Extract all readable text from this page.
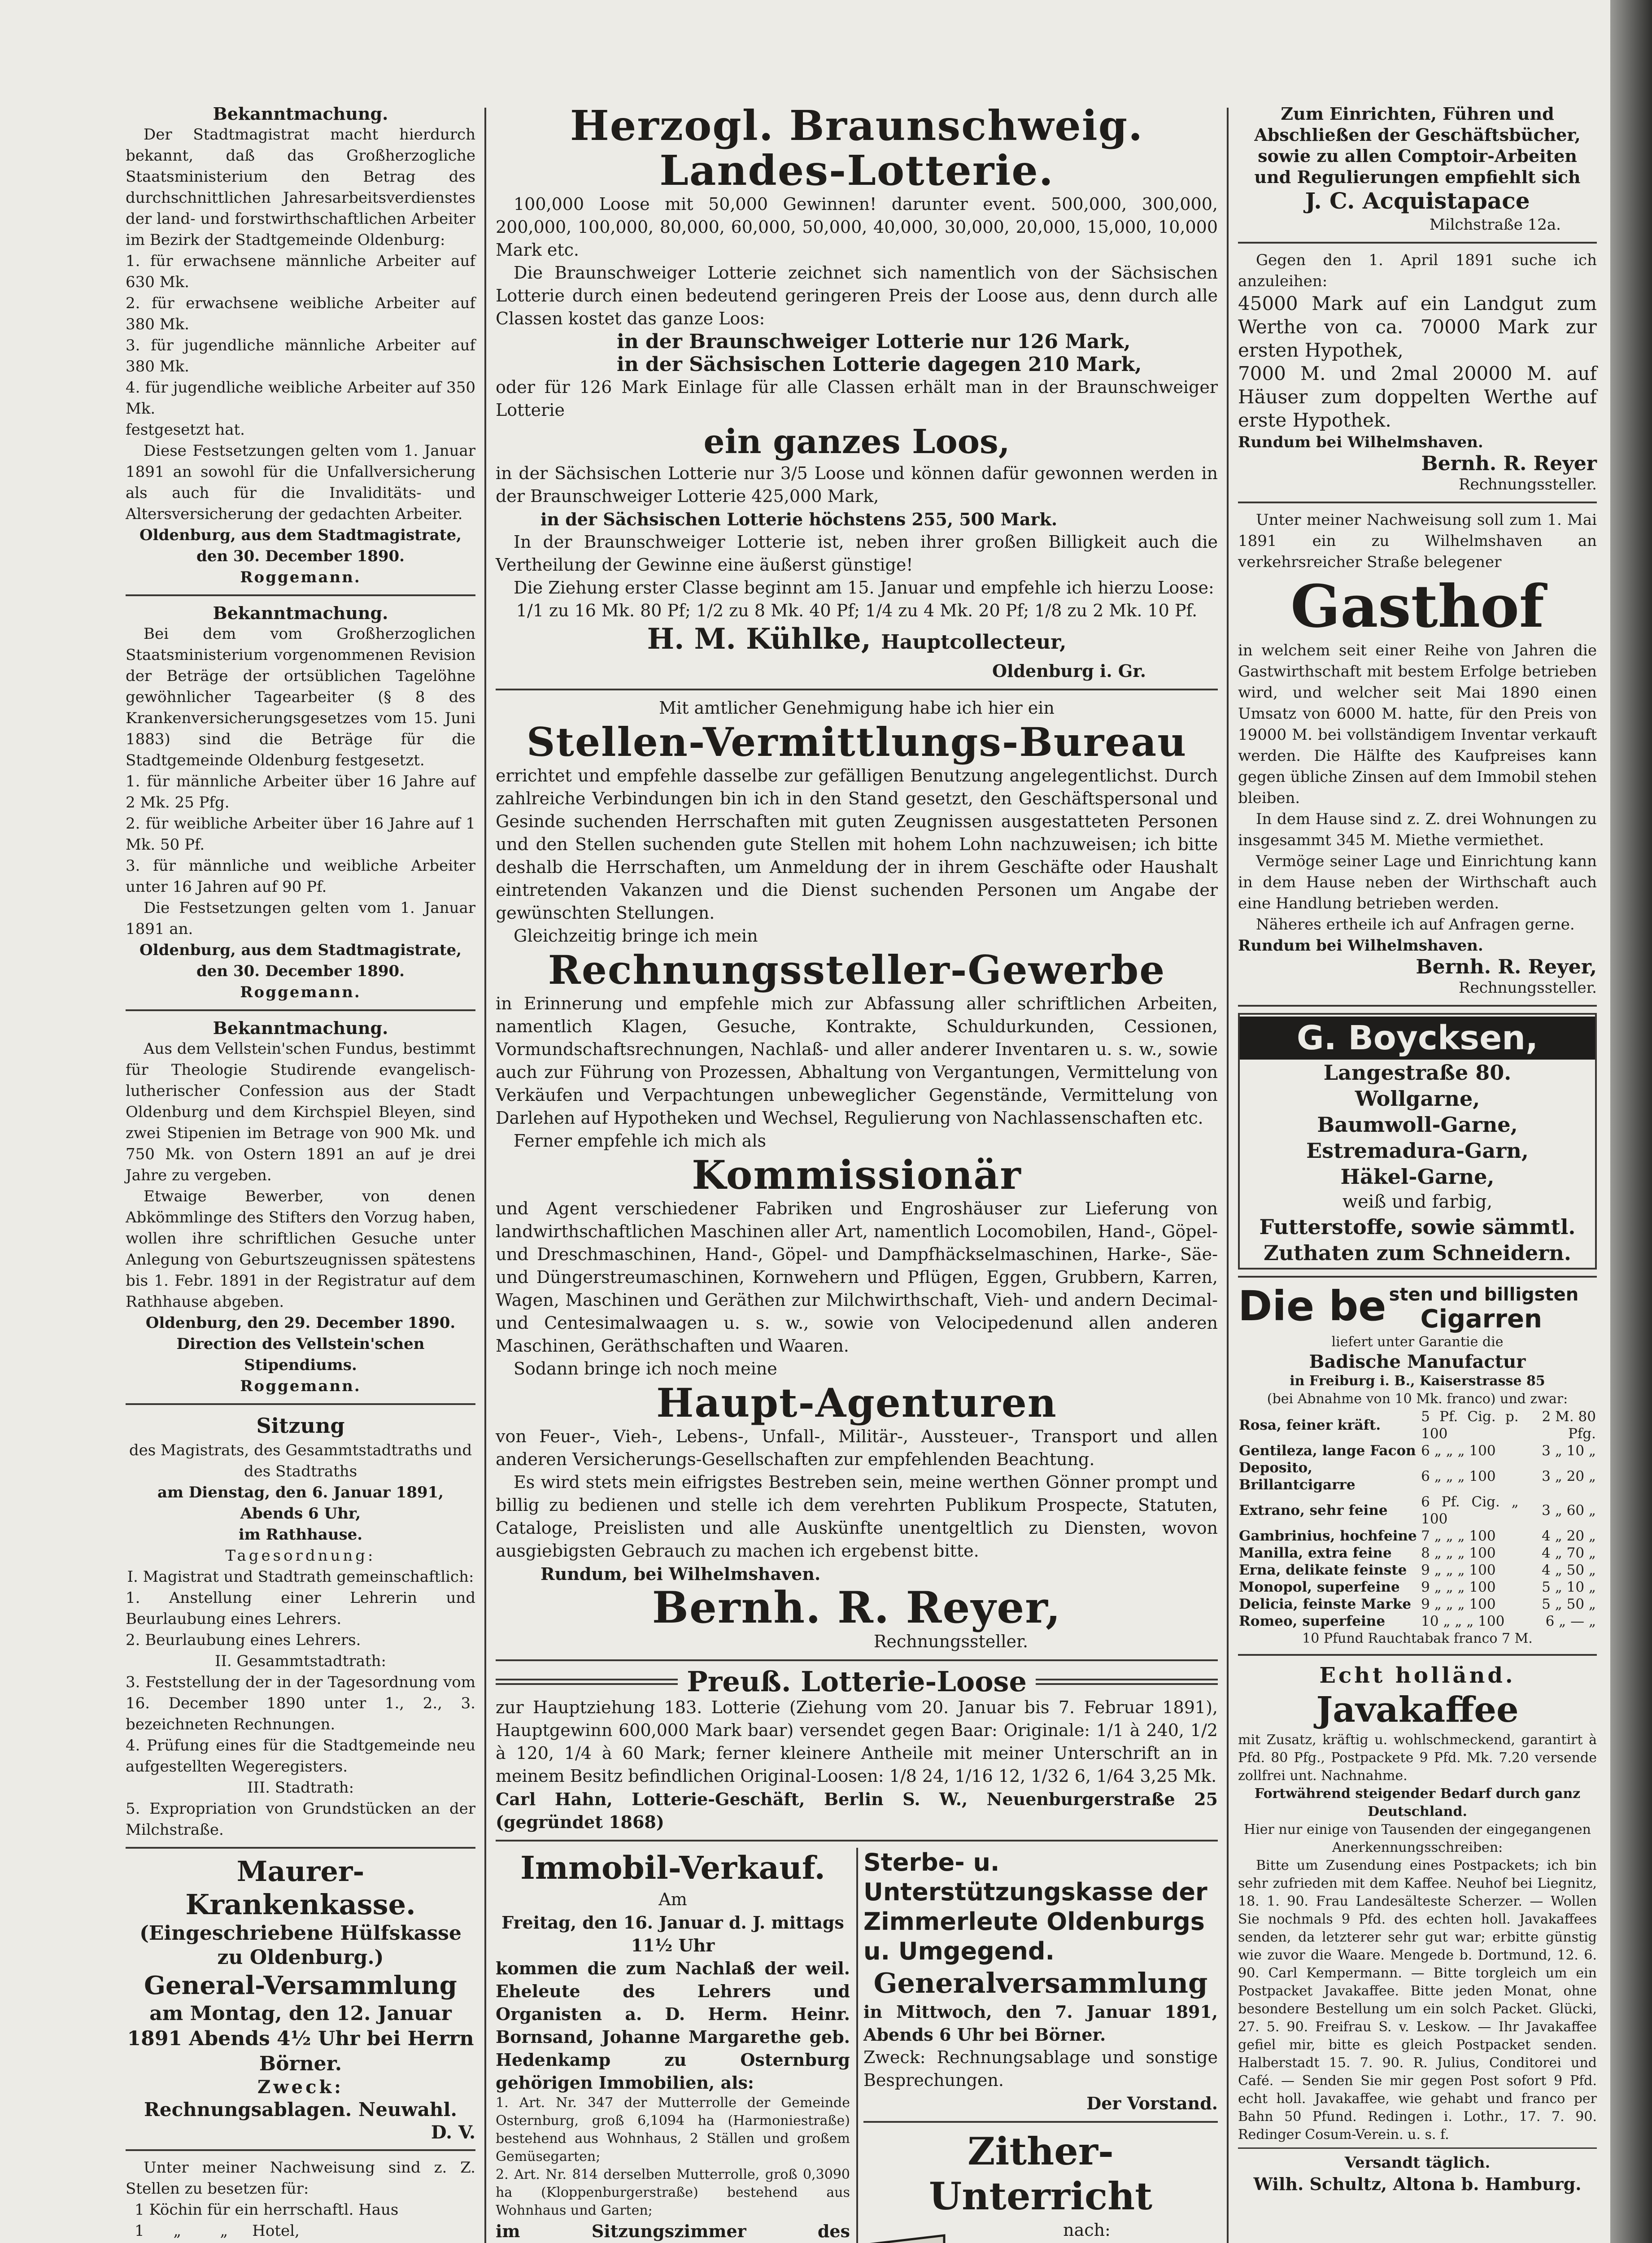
Bekanntmachung.

Der Stadtmagistrat macht hierdurch bekannt, daß das Großherzogliche Staatsministerium den Betrag des durchschnittlichen Jahresarbeitsverdienstes der land- und forstwirthschaftlichen Arbeiter im Bezirk der Stadtgemeinde Oldenburg:

1. für erwachsene männliche Arbeiter auf 630 Mk.

2. für erwachsene weibliche Arbeiter auf 380 Mk.

3. für jugendliche männliche Arbeiter auf 380 Mk.

4. für jugendliche weibliche Arbeiter auf 350 Mk.

festgesetzt hat.

Diese Festsetzungen gelten vom 1. Januar 1891 an sowohl für die Unfallversicherung als auch für die Invaliditäts- und Altersversicherung der gedachten Arbeiter.

Oldenburg, aus dem Stadtmagistrate, den 30. December 1890.

Roggemann.

Bekanntmachung.

Bei dem vom Großherzoglichen Staatsministerium vorgenommenen Revision der Beträge der ortsüblichen Tagelöhne gewöhnlicher Tagearbeiter (§ 8 des Krankenversicherungsgesetzes vom 15. Juni 1883) sind die Beträge für die Stadtgemeinde Oldenburg festgesetzt.

1. für männliche Arbeiter über 16 Jahre auf 2 Mk. 25 Pfg.

2. für weibliche Arbeiter über 16 Jahre auf 1 Mk. 50 Pf.

3. für männliche und weibliche Arbeiter unter 16 Jahren auf 90 Pf.

Die Festsetzungen gelten vom 1. Januar 1891 an.

Oldenburg, aus dem Stadtmagistrate, den 30. December 1890.

Roggemann.

Bekanntmachung.

Aus dem Vellstein'schen Fundus, bestimmt für Theologie Studirende evangelisch-lutherischer Confession aus der Stadt Oldenburg und dem Kirchspiel Bleyen, sind zwei Stipenien im Betrage von 900 Mk. und 750 Mk. von Ostern 1891 an auf je drei Jahre zu vergeben.

Etwaige Bewerber, von denen Abkömmlinge des Stifters den Vorzug haben, wollen ihre schriftlichen Gesuche unter Anlegung von Geburtszeugnissen spätestens bis 1. Febr. 1891 in der Registratur auf dem Rathhause abgeben.

Oldenburg, den 29. December 1890.

Direction des Vellstein'schen Stipendiums.

Roggemann.

Sitzung

des Magistrats, des Gesammtstadtraths und des Stadtraths

am Dienstag, den 6. Januar 1891, Abends 6 Uhr,

im Rathhause.

Tagesordnung:

I. Magistrat und Stadtrath gemeinschaftlich:

1. Anstellung einer Lehrerin und Beurlaubung eines Lehrers.

2. Beurlaubung eines Lehrers.

II. Gesammtstadtrath:

3. Feststellung der in der Tagesordnung vom 16. December 1890 unter 1., 2., 3. bezeichneten Rechnungen.

4. Prüfung eines für die Stadtgemeinde neu aufgestellten Wegeregisters.

III. Stadtrath:

5. Expropriation von Grundstücken an der Milchstraße.

Maurer-Krankenkasse.

(Eingeschriebene Hülfskasse zu Oldenburg.)

General-Versammlung

am Montag, den 12. Januar 1891 Abends 4½ Uhr bei Herrn Börner.

Zweck:

Rechnungsablagen. Neuwahl.

D. V.

Unter meiner Nachweisung sind z. Z. Stellen zu besetzen für:

1 Köchin für ein herrschaftl. Haus

1      „        „     Hotel,

Herzogl. Braunschweig. Landes-Lotterie.

100,000 Loose mit 50,000 Gewinnen! darunter event. 500,000, 300,000, 200,000, 100,000, 80,000, 60,000, 50,000, 40,000, 30,000, 20,000, 15,000, 10,000 Mark etc.

Die Braunschweiger Lotterie zeichnet sich namentlich von der Sächsischen Lotterie durch einen bedeutend geringeren Preis der Loose aus, denn durch alle Classen kostet das ganze Loos:

in der Braunschweiger Lotterie nur 126 Mark,

in der Sächsischen Lotterie dagegen 210 Mark,

oder für 126 Mark Einlage für alle Classen erhält man in der Braunschweiger Lotterie

ein ganzes Loos,

in der Sächsischen Lotterie nur 3/5 Loose und können dafür gewonnen werden in der Braunschweiger Lotterie 425,000 Mark,

in der Sächsischen Lotterie höchstens 255, 500 Mark.

In der Braunschweiger Lotterie ist, neben ihrer großen Billigkeit auch die Vertheilung der Gewinne eine äußerst günstige!

Die Ziehung erster Classe beginnt am 15. Januar und empfehle ich hierzu Loose:

1/1 zu 16 Mk. 80 Pf; 1/2 zu 8 Mk. 40 Pf; 1/4 zu 4 Mk. 20 Pf; 1/8 zu 2 Mk. 10 Pf.

H. M. Kühlke, Hauptcollecteur,

Oldenburg i. Gr.

Mit amtlicher Genehmigung habe ich hier ein

Stellen-Vermittlungs-Bureau

errichtet und empfehle dasselbe zur gefälligen Benutzung angelegentlichst. Durch zahlreiche Verbindungen bin ich in den Stand gesetzt, den Geschäftspersonal und Gesinde suchenden Herrschaften mit guten Zeugnissen ausgestatteten Personen und den Stellen suchenden gute Stellen mit hohem Lohn nachzuweisen; ich bitte deshalb die Herrschaften, um Anmeldung der in ihrem Geschäfte oder Haushalt eintretenden Vakanzen und die Dienst suchenden Personen um Angabe der gewünschten Stellungen.

Gleichzeitig bringe ich mein

Rechnungssteller-Gewerbe

in Erinnerung und empfehle mich zur Abfassung aller schriftlichen Arbeiten, namentlich Klagen, Gesuche, Kontrakte, Schuldurkunden, Cessionen, Vormundschaftsrechnungen, Nachlaß- und aller anderer Inventaren u. s. w., sowie auch zur Führung von Prozessen, Abhaltung von Vergantungen, Vermittelung von Verkäufen und Verpachtungen unbeweglicher Gegenstände, Vermittelung von Darlehen auf Hypotheken und Wechsel, Regulierung von Nachlassenschaften etc.

Ferner empfehle ich mich als

Kommissionär

und Agent verschiedener Fabriken und Engroshäuser zur Lieferung von landwirthschaftlichen Maschinen aller Art, namentlich Locomobilen, Hand-, Göpel- und Dreschmaschinen, Hand-, Göpel- und Dampfhäckselmaschinen, Harke-, Säe- und Düngerstreumaschinen, Kornwehern und Pflügen, Eggen, Grubbern, Karren, Wagen, Maschinen und Geräthen zur Milchwirthschaft, Vieh- und andern Decimal- und Centesimalwaagen u. s. w., sowie von Velocipedenund allen anderen Maschinen, Geräthschaften und Waaren.

Sodann bringe ich noch meine

Haupt-Agenturen

von Feuer-, Vieh-, Lebens-, Unfall-, Militär-, Aussteuer-, Transport und allen anderen Versicherungs-Gesellschaften zur empfehlenden Beachtung.

Es wird stets mein eifrigstes Bestreben sein, meine werthen Gönner prompt und billig zu bedienen und stelle ich dem verehrten Publikum Prospecte, Statuten, Cataloge, Preislisten und alle Auskünfte unentgeltlich zu Diensten, wovon ausgiebigsten Gebrauch zu machen ich ergebenst bitte.

Rundum, bei Wilhelmshaven.

Bernh. R. Reyer,

Rechnungssteller.

Preuß. Lotterie-Loose

zur Hauptziehung 183. Lotterie (Ziehung vom 20. Januar bis 7. Februar 1891), Hauptgewinn 600,000 Mark baar) versendet gegen Baar: Originale: 1/1 à 240, 1/2 à 120, 1/4 à 60 Mark; ferner kleinere Antheile mit meiner Unterschrift an in meinem Besitz befindlichen Original-Loosen: 1/8 24, 1/16 12, 1/32 6, 1/64 3,25 Mk.

Carl Hahn, Lotterie-Geschäft, Berlin S. W., Neuenburgerstraße 25 (gegründet 1868)

Immobil-Verkauf.

Am

Freitag, den 16. Januar d. J. mittags 11½ Uhr

kommen die zum Nachlaß der weil. Eheleute des Lehrers und Organisten a. D. Herm. Heinr. Bornsand, Johanne Margarethe geb. Hedenkamp zu Osternburg gehörigen Immobilien, als:

1. Art. Nr. 347 der Mutterrolle der Gemeinde Osternburg, groß 6,1094 ha (Harmoniestraße) bestehend aus Wohnhaus, 2 Ställen und großem Gemüsegarten;

2. Art. Nr. 814 derselben Mutterrolle, groß 0,3090 ha (Kloppenburgerstraße) bestehend aus Wohnhaus und Garten;

im Sitzungszimmer des

Sterbe- u. Unterstützungskasse der Zimmerleute Oldenburgs u. Umgegend.
Generalversammlung

in Mittwoch, den 7. Januar 1891, Abends 6 Uhr bei Börner.

Zweck: Rechnungsablage und sonstige Besprechungen.

Der Vorstand.

Zither-Unterricht

nach:

Zum Einrichten, Führen und Abschließen der Geschäftsbücher, sowie zu allen Comptoir-Arbeiten und Regulierungen empfiehlt sich

J. C. Acquistapace

Milchstraße 12a.

Gegen den 1. April 1891 suche ich anzuleihen:

45000 Mark auf ein Landgut zum Werthe von ca. 70000 Mark zur ersten Hypothek,

7000 M. und 2mal 20000 M. auf Häuser zum doppelten Werthe auf erste Hypothek.

Rundum bei Wilhelmshaven.

Bernh. R. Reyer

Rechnungssteller.

Unter meiner Nachweisung soll zum 1. Mai 1891 ein zu Wilhelmshaven an verkehrsreicher Straße belegener

Gasthof

in welchem seit einer Reihe von Jahren die Gastwirthschaft mit bestem Erfolge betrieben wird, und welcher seit Mai 1890 einen Umsatz von 6000 M. hatte, für den Preis von 19000 M. bei vollständigem Inventar verkauft werden. Die Hälfte des Kaufpreises kann gegen übliche Zinsen auf dem Immobil stehen bleiben.

In dem Hause sind z. Z. drei Wohnungen zu insgesammt 345 M. Miethe vermiethet.

Vermöge seiner Lage und Einrichtung kann in dem Hause neben der Wirthschaft auch eine Handlung betrieben werden.

Näheres ertheile ich auf Anfragen gerne.

Rundum bei Wilhelmshaven.

Bernh. R. Reyer,

Rechnungssteller.

G. Boycksen,

Langestraße 80.

Wollgarne,

Baumwoll-Garne,

Estremadura-Garn,

Häkel-Garne,

weiß und farbig,

Futterstoffe, sowie sämmtl.

Zuthaten zum Schneidern.

Die be sten und billigsten
Cigarren

liefert unter Garantie die

Badische Manufactur

in Freiburg i. B., Kaiserstrasse 85

(bei Abnahme von 10 Mk. franco) und zwar:

Rosa, feiner kräft.	5 Pf. Cig. p. 100	2 M. 80 Pfg.
Gentileza, lange Facon	6 „ „ „ 100	3 „ 10 „
Deposito, Brillantcigarre	6 „ „ „ 100	3 „ 20 „
Extrano, sehr feine	6 Pf. Cig. „ 100	3 „ 60 „
Gambrinius, hochfeine	7 „ „ „ 100	4 „ 20 „
Manilla, extra feine	8 „ „ „ 100	4 „ 70 „
Erna, delikate feinste	9 „ „ „ 100	4 „ 50 „
Monopol, superfeine	9 „ „ „ 100	5 „ 10 „
Delicia, feinste Marke	9 „ „ „ 100	5 „ 50 „
Romeo, superfeine	10 „ „ „ 100	6 „ — „

10 Pfund Rauchtabak franco 7 M.

Echt holländ.

Javakaffee

mit Zusatz, kräftig u. wohlschmeckend, garantirt à Pfd. 80 Pfg., Postpackete 9 Pfd. Mk. 7.20 versende zollfrei unt. Nachnahme.

Fortwährend steigender Bedarf durch ganz Deutschland.

Hier nur einige von Tausenden der eingegangenen Anerkennungsschreiben:

Bitte um Zusendung eines Postpackets; ich bin sehr zufrieden mit dem Kaffee. Neuhof bei Liegnitz, 18. 1. 90. Frau Landesälteste Scherzer. — Wollen Sie nochmals 9 Pfd. des echten holl. Javakaffees senden, da letzterer sehr gut war; erbitte günstig wie zuvor die Waare. Mengede b. Dortmund, 12. 6. 90. Carl Kempermann. — Bitte torgleich um ein Postpacket Javakaffee. Bitte jeden Monat, ohne besondere Bestellung um ein solch Packet. Glücki, 27. 5. 90. Freifrau S. v. Leskow. — Ihr Javakaffee gefiel mir, bitte es gleich Postpacket senden. Halberstadt 15. 7. 90. R. Julius, Conditorei und Café. — Senden Sie mir gegen Post sofort 9 Pfd. echt holl. Javakaffee, wie gehabt und franco per Bahn 50 Pfund. Redingen i. Lothr., 17. 7. 90. Redinger Cosum-Verein. u. s. f.

Versandt täglich.

Wilh. Schultz, Altona b. Hamburg.
